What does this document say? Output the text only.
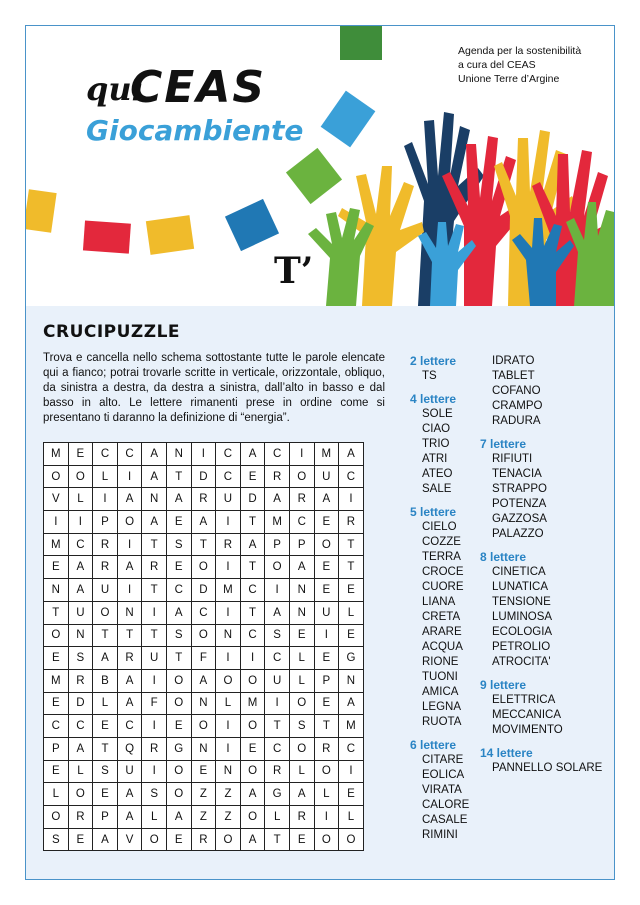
qui
CEAS
Giocambiente
Agenda per la sostenibilità
a cura del CEAS
Unione Terre d’Argine
T’
CRUCIPUZZLE
Trova e cancella nello schema sottostante tutte le parole elencate qui a fianco; potrai trovarle scritte in verticale, orizzontale, obliquo, da sinistra a destra, da destra a sinistra, dall’alto in basso e dal basso in alto. Le lettere rimanenti prese in ordine come si presentano ti daranno la definizione di “energia”.
M	E	C	C	A	N	I	C	A	C	I	M	A
O	O	L	I	A	T	D	C	E	R	O	U	C
V	L	I	A	N	A	R	U	D	A	R	A	I
I	I	P	O	A	E	A	I	T	M	C	E	R
M	C	R	I	T	S	T	R	A	P	P	O	T
E	A	R	A	R	E	O	I	T	O	A	E	T
N	A	U	I	T	C	D	M	C	I	N	E	E
T	U	O	N	I	A	C	I	T	A	N	U	L
O	N	T	T	T	S	O	N	C	S	E	I	E
E	S	A	R	U	T	F	I	I	C	L	E	G
M	R	B	A	I	O	A	O	O	U	L	P	N
E	D	L	A	F	O	N	L	M	I	O	E	A
C	C	E	C	I	E	O	I	O	T	S	T	M
P	A	T	Q	R	G	N	I	E	C	O	R	C
E	L	S	U	I	O	E	N	O	R	L	O	I
L	O	E	A	S	O	Z	Z	A	G	A	L	E
O	R	P	A	L	A	Z	Z	O	L	R	I	L
S	E	A	V	O	E	R	O	A	T	E	O	O
2 lettere
TS
4 lettere
SOLE
CIAO
TRIO
ATRI
ATEO
SALE
5 lettere
CIELO
COZZE
TERRA
CROCE
CUORE
LIANA
CRETA
ARARE
ACQUA
RIONE
TUONI
AMICA
LEGNA
RUOTA
6 lettere
CITARE
EOLICA
VIRATA
CALORE
CASALE
RIMINI
IDRATO
TABLET
COFANO
CRAMPO
RADURA
7 lettere
RIFIUTI
TENACIA
STRAPPO
POTENZA
GAZZOSA
PALAZZO
8 lettere
CINETICA
LUNATICA
TENSIONE
LUMINOSA
ECOLOGIA
PETROLIO
ATROCITA'
9 lettere
ELETTRICA
MECCANICA
MOVIMENTO
14 lettere
PANNELLO SOLARE
